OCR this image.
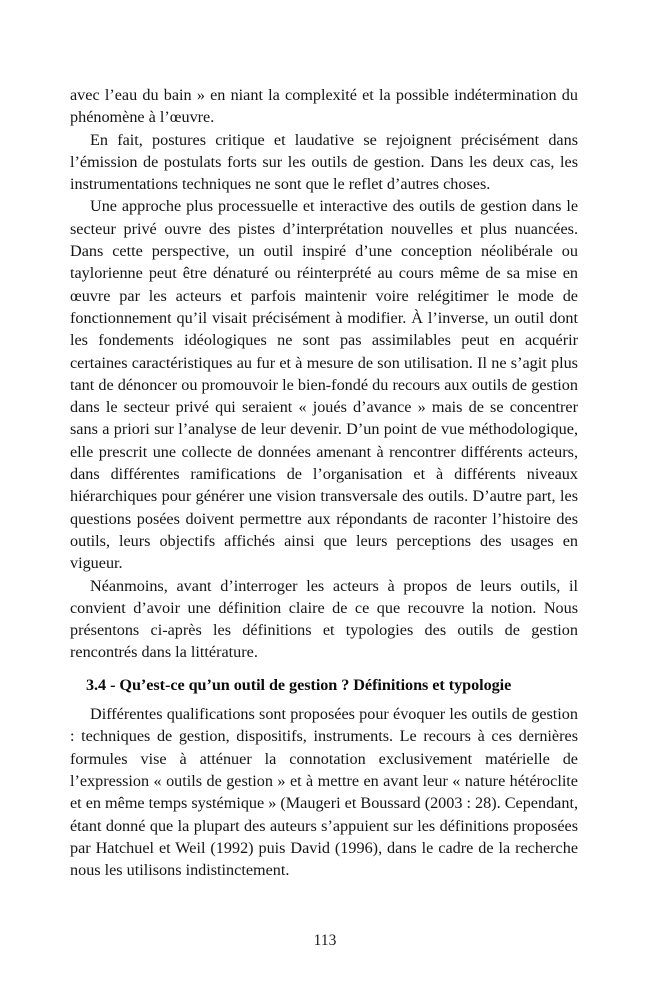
avec l’eau du bain » en niant la complexité et la possible indétermination du phénomène à l’œuvre.

En fait, postures critique et laudative se rejoignent précisément dans l’émission de postulats forts sur les outils de gestion. Dans les deux cas, les instrumentations techniques ne sont que le reflet d’autres choses.

Une approche plus processuelle et interactive des outils de gestion dans le secteur privé ouvre des pistes d’interprétation nouvelles et plus nuancées. Dans cette perspective, un outil inspiré d’une conception néolibérale ou taylorienne peut être dénaturé ou réinterprété au cours même de sa mise en œuvre par les acteurs et parfois maintenir voire relégitimer le mode de fonctionnement qu’il visait précisément à modifier. À l’inverse, un outil dont les fondements idéologiques ne sont pas assimilables peut en acquérir certaines caractéristiques au fur et à mesure de son utilisation. Il ne s’agit plus tant de dénoncer ou promouvoir le bien-fondé du recours aux outils de gestion dans le secteur privé qui seraient « joués d’avance » mais de se concentrer sans a priori sur l’analyse de leur devenir. D’un point de vue méthodologique, elle prescrit une collecte de données amenant à rencontrer différents acteurs, dans différentes ramifications de l’organisation et à différents niveaux hiérarchiques pour générer une vision transversale des outils. D’autre part, les questions posées doivent permettre aux répondants de raconter l’histoire des outils, leurs objectifs affichés ainsi que leurs perceptions des usages en vigueur.

Néanmoins, avant d’interroger les acteurs à propos de leurs outils, il convient d’avoir une définition claire de ce que recouvre la notion. Nous présentons ci-après les définitions et typologies des outils de gestion rencontrés dans la littérature.

3.4 - Qu’est-ce qu’un outil de gestion ? Définitions et typologie

Différentes qualifications sont proposées pour évoquer les outils de gestion : techniques de gestion, dispositifs, instruments. Le recours à ces dernières formules vise à atténuer la connotation exclusivement matérielle de l’expression « outils de gestion » et à mettre en avant leur « nature hétéroclite et en même temps systémique » (Maugeri et Boussard (2003 : 28). Cependant, étant donné que la plupart des auteurs s’appuient sur les définitions proposées par Hatchuel et Weil (1992) puis David (1996), dans le cadre de la recherche nous les utilisons indistinctement.

113
